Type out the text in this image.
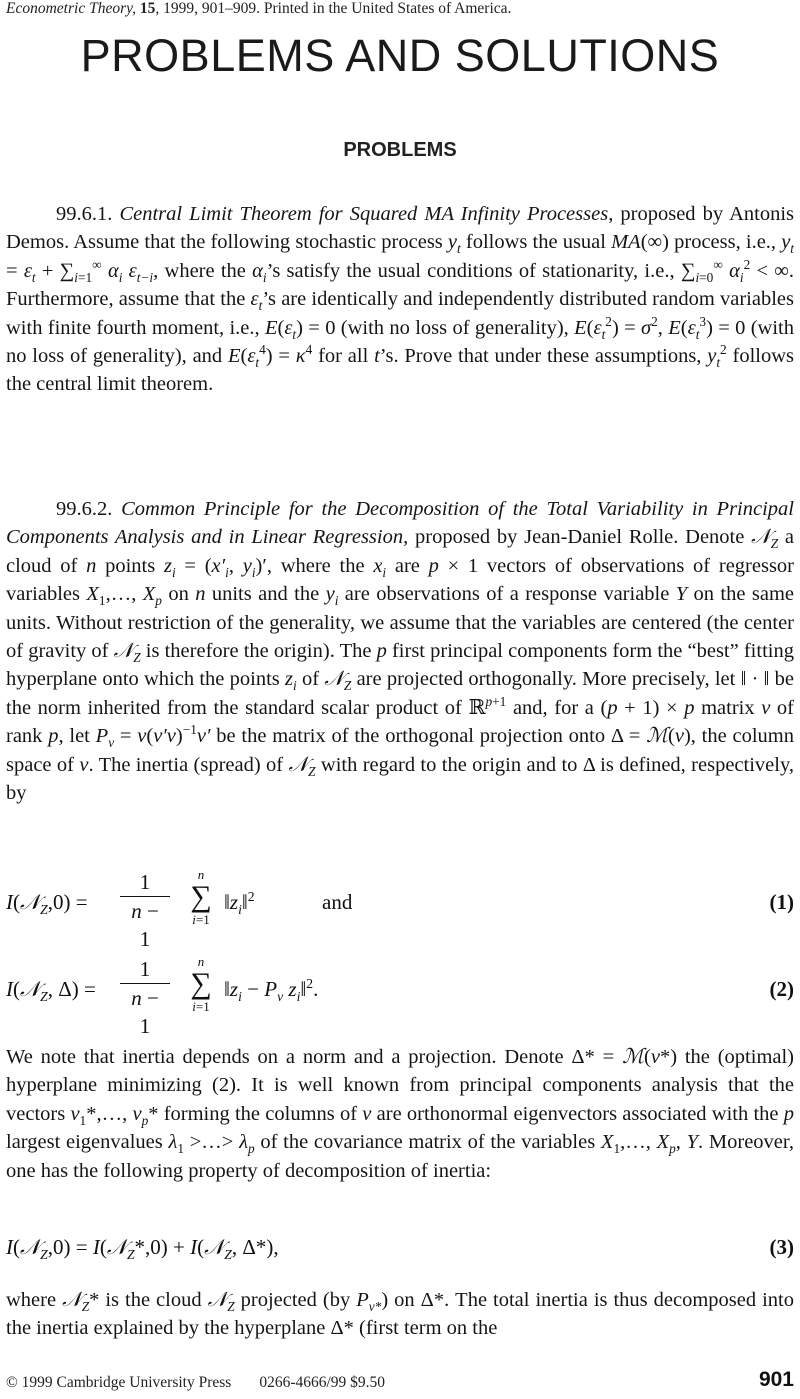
Econometric Theory, 15, 1999, 901–909. Printed in the United States of America.
PROBLEMS AND SOLUTIONS
PROBLEMS
99.6.1. Central Limit Theorem for Squared MA Infinity Processes, proposed by Antonis Demos. Assume that the following stochastic process $y_t$ follows the usual MA(∞) process, i.e., $y_t = \varepsilon_t + \sum_{i=1}^\infty$ $\alpha_i$ $\varepsilon_{t-i}$, where the $\alpha_i’s$ satisfy the usual conditions of stationarity, i.e., $\sum_{i=0}^\infty$ $\alpha_i^2$ < ∞. Furthermore, assume that the $\varepsilon_t’s$ are identically and independently distributed random variables with finite fourth moment, i.e., $E(\varepsilon_t) = 0$ (with no loss of generality), $E(\varepsilon_t^2) = \sigma^2$, $E(\varepsilon_t^3) = 0$ (with no loss of generality), and $E(\varepsilon_t^4) = \kappa^4$ for all t’s. Prove that under these assumptions, $y_t^2$ follows the central limit theorem.
99.6.2. Common Principle for the Decomposition of the Total Variability in Principal Components Analysis and in Linear Regression, proposed by Jean-Daniel Rolle. Denote 𝒩$_Z$ a cloud of n points $z_i = (x'_i$, $y_i)'$, where the $x_i$ are p × 1 vectors of observations of regressor variables $X_1,\dots$, $X_p$ on n units and the $y_i$ are observations of a response variable Y on the same units. Without restriction of the generality, we assume that the variables are centered (the center of gravity of 𝒩$_Z$ is therefore the origin). The p first principal components form the “best” fitting hyperplane onto which the points $z_i$ of 𝒩$_Z$ are projected orthogonally. More precisely, let ‖ · ‖ be the norm inherited from the standard scalar product of ℝ$^{p+1}$ and, for a (p + 1) × p matrix v of rank p, let $P_v = v(v'v)^{-1}v'$ be the matrix of the orthogonal projection onto Δ = ℳ(v), the column space of v. The inertia (spread) of 𝒩$_Z$ with regard to the origin and to Δ is defined, respectively, by
I(𝒩$_Z$,0) =
1
n − 1
n
∑
i=1
$‖z_i‖^2$	and	(1)
I(𝒩$_Z$, Δ) =
1
n − 1
n
∑
i=1
$‖z_i - P_v$ $z_i‖^2$.	(2)
We note that inertia depends on a norm and a projection. Denote Δ* = ℳ(v*) the (optimal) hyperplane minimizing (2). It is well known from principal components analysis that the vectors $v_1*,\dots$, $v_p*$ forming the columns of v are orthonormal eigenvectors associated with the p largest eigenvalues $\lambda_1$ >…> $\lambda_p$ of the covariance matrix of the variables $X_1,\dots$, $X_p$, Y. Moreover, one has the following property of decomposition of inertia:
I(𝒩$_Z$,0) = I(𝒩$_Z$*,0) + I(𝒩$_Z$, Δ*),	(3)
where 𝒩$_Z$* is the cloud 𝒩$_Z$ projected (by $P_{v*}$) on Δ*. The total inertia is thus decomposed into the inertia explained by the hyperplane Δ* (first term on the
© 1999 Cambridge University Press 0266-4666/99 $9.50	901
